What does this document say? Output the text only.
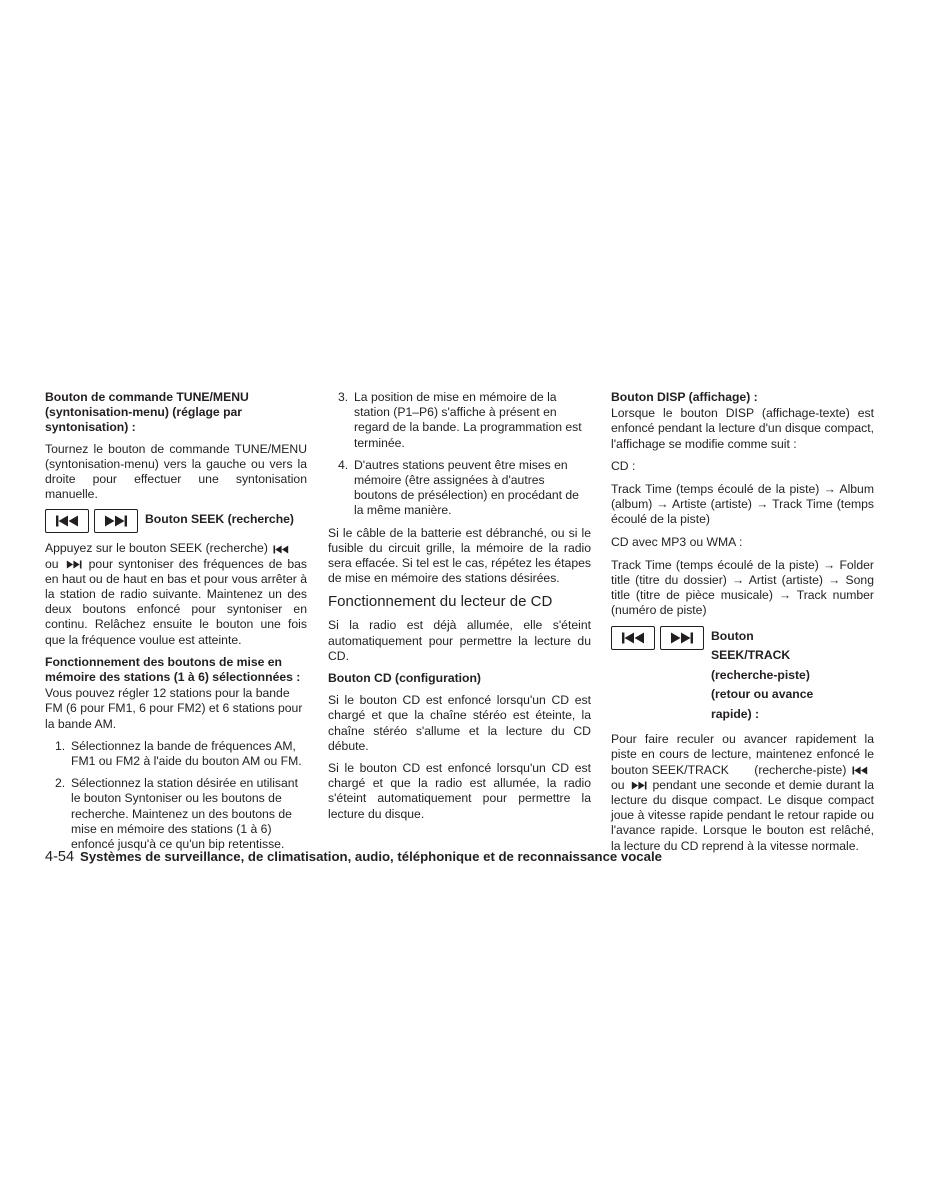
Bouton de commande TUNE/MENU (syntonisation-menu) (réglage par syntonisation) :
Tournez le bouton de commande TUNE/MENU (syntonisation-menu) vers la gauche ou vers la droite pour effectuer une syntonisation manuelle.
Bouton SEEK (recherche)
Appuyez sur le bouton SEEK (recherche)
ou pour syntoniser des fréquences de bas en haut ou de haut en bas et pour vous arrêter à la station de radio suivante. Maintenez un des deux boutons enfoncé pour syntoniser en continu. Relâchez ensuite le bouton une fois que la fréquence voulue est atteinte.
Fonctionnement des boutons de mise en mémoire des stations (1 à 6) sélectionnées :
Vous pouvez régler 12 stations pour la bande FM (6 pour FM1, 6 pour FM2) et 6 stations pour la bande AM.
1. Sélectionnez la bande de fréquences AM, FM1 ou FM2 à l'aide du bouton AM ou FM.
2. Sélectionnez la station désirée en utilisant le bouton Syntoniser ou les boutons de recherche. Maintenez un des boutons de mise en mémoire des stations (1 à 6) enfoncé jusqu'à ce qu'un bip retentisse.
3. La position de mise en mémoire de la station (P1–P6) s'affiche à présent en regard de la bande. La programmation est terminée.
4. D'autres stations peuvent être mises en mémoire (être assignées à d'autres boutons de présélection) en procédant de la même manière.
Si le câble de la batterie est débranché, ou si le fusible du circuit grille, la mémoire de la radio sera effacée. Si tel est le cas, répétez les étapes de mise en mémoire des stations désirées.
Fonctionnement du lecteur de CD
Si la radio est déjà allumée, elle s'éteint automatiquement pour permettre la lecture du CD.
Bouton CD (configuration)
Si le bouton CD est enfoncé lorsqu'un CD est chargé et que la chaîne stéréo est éteinte, la chaîne stéréo s'allume et la lecture du CD débute.
Si le bouton CD est enfoncé lorsqu'un CD est chargé et que la radio est allumée, la radio s'éteint automatiquement pour permettre la lecture du disque.
Bouton DISP (affichage) :
Lorsque le bouton DISP (affichage-texte) est enfoncé pendant la lecture d'un disque compact, l'affichage se modifie comme suit :
CD :
Track Time (temps écoulé de la piste) → Album (album) → Artiste (artiste) → Track Time (temps écoulé de la piste)
CD avec MP3 ou WMA :
Track Time (temps écoulé de la piste) → Folder title (titre du dossier) → Artist (artiste) → Song title (titre de pièce musicale) → Track number (numéro de piste)
Bouton SEEK/TRACK (recherche-piste) (retour ou avance rapide) :
Pour faire reculer ou avancer rapidement la piste en cours de lecture, maintenez enfoncé le bouton SEEK/TRACK (recherche-piste)
ou pendant une seconde et demie durant la lecture du disque compact. Le disque compact joue à vitesse rapide pendant le retour rapide ou l'avance rapide. Lorsque le bouton est relâché, la lecture du CD reprend à la vitesse normale.
4-54 Systèmes de surveillance, de climatisation, audio, téléphonique et de reconnaissance vocale
